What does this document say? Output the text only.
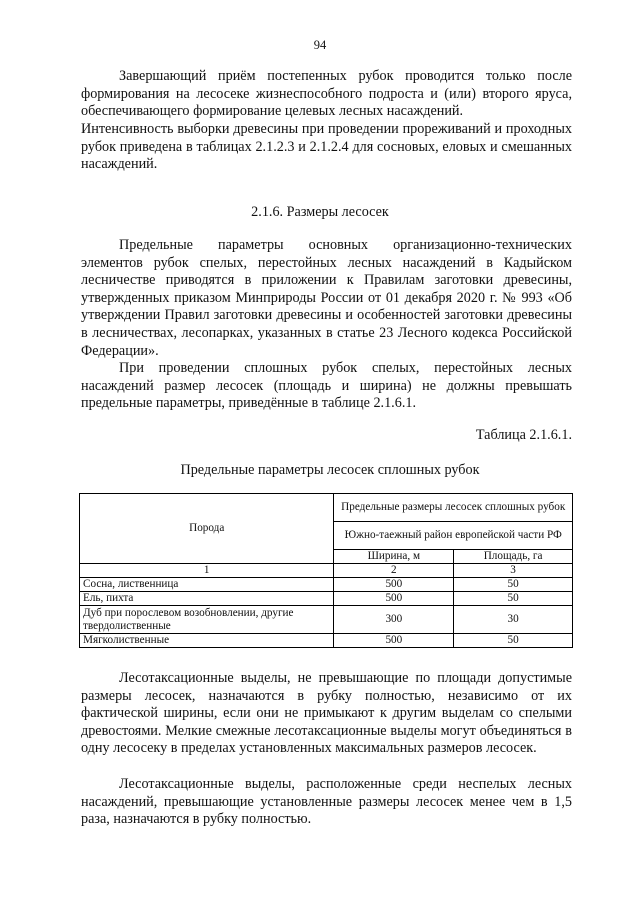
94

Завершающий приём постепенных рубок проводится только после формирования на лесосеке жизнеспособного подроста и (или) второго яруса, обеспечивающего формирование целевых лесных насаждений.

Интенсивность выборки древесины при проведении прореживаний и проходных рубок приведена в таблицах 2.1.2.3 и 2.1.2.4 для сосновых, еловых и смешанных насаждений.

2.1.6. Размеры лесосек

Предельные параметры основных организационно-технических элементов рубок спелых, перестойных лесных насаждений в Кадыйском лесничестве приводятся в приложении к Правилам заготовки древесины, утвержденных приказом Минприроды России от 01 декабря 2020 г. № 993 «Об утверждении Правил заготовки древесины и особенностей заготовки древесины в лесничествах, лесопарках, указанных в статье 23 Лесного кодекса Российской Федерации».

При проведении сплошных рубок спелых, перестойных лесных насаждений размер лесосек (площадь и ширина) не должны превышать предельные параметры, приведённые в таблице 2.1.6.1.

Таблица 2.1.6.1.
Предельные параметры лесосек сплошных рубок
Порода	Предельные размеры лесосек сплошных рубок	
	Южно-таежный район европейской части РФ	
	Ширина, м	Площадь, га
1	2	3
Сосна, лиственница	500	50
Ель, пихта	500	50
Дуб при порослевом возобновлении, другие твердолиственные	300	30
Мягколиственные	500	50

Лесотаксационные выделы, не превышающие по площади допустимые размеры лесосек, назначаются в рубку полностью, независимо от их фактической ширины, если они не примыкают к другим выделам со спелыми древостоями. Мелкие смежные лесотаксационные выделы могут объединяться в одну лесосеку в пределах установленных максимальных размеров лесосек.

Лесотаксационные выделы, расположенные среди неспелых лесных насаждений, превышающие установленные размеры лесосек менее чем в 1,5 раза, назначаются в рубку полностью.
